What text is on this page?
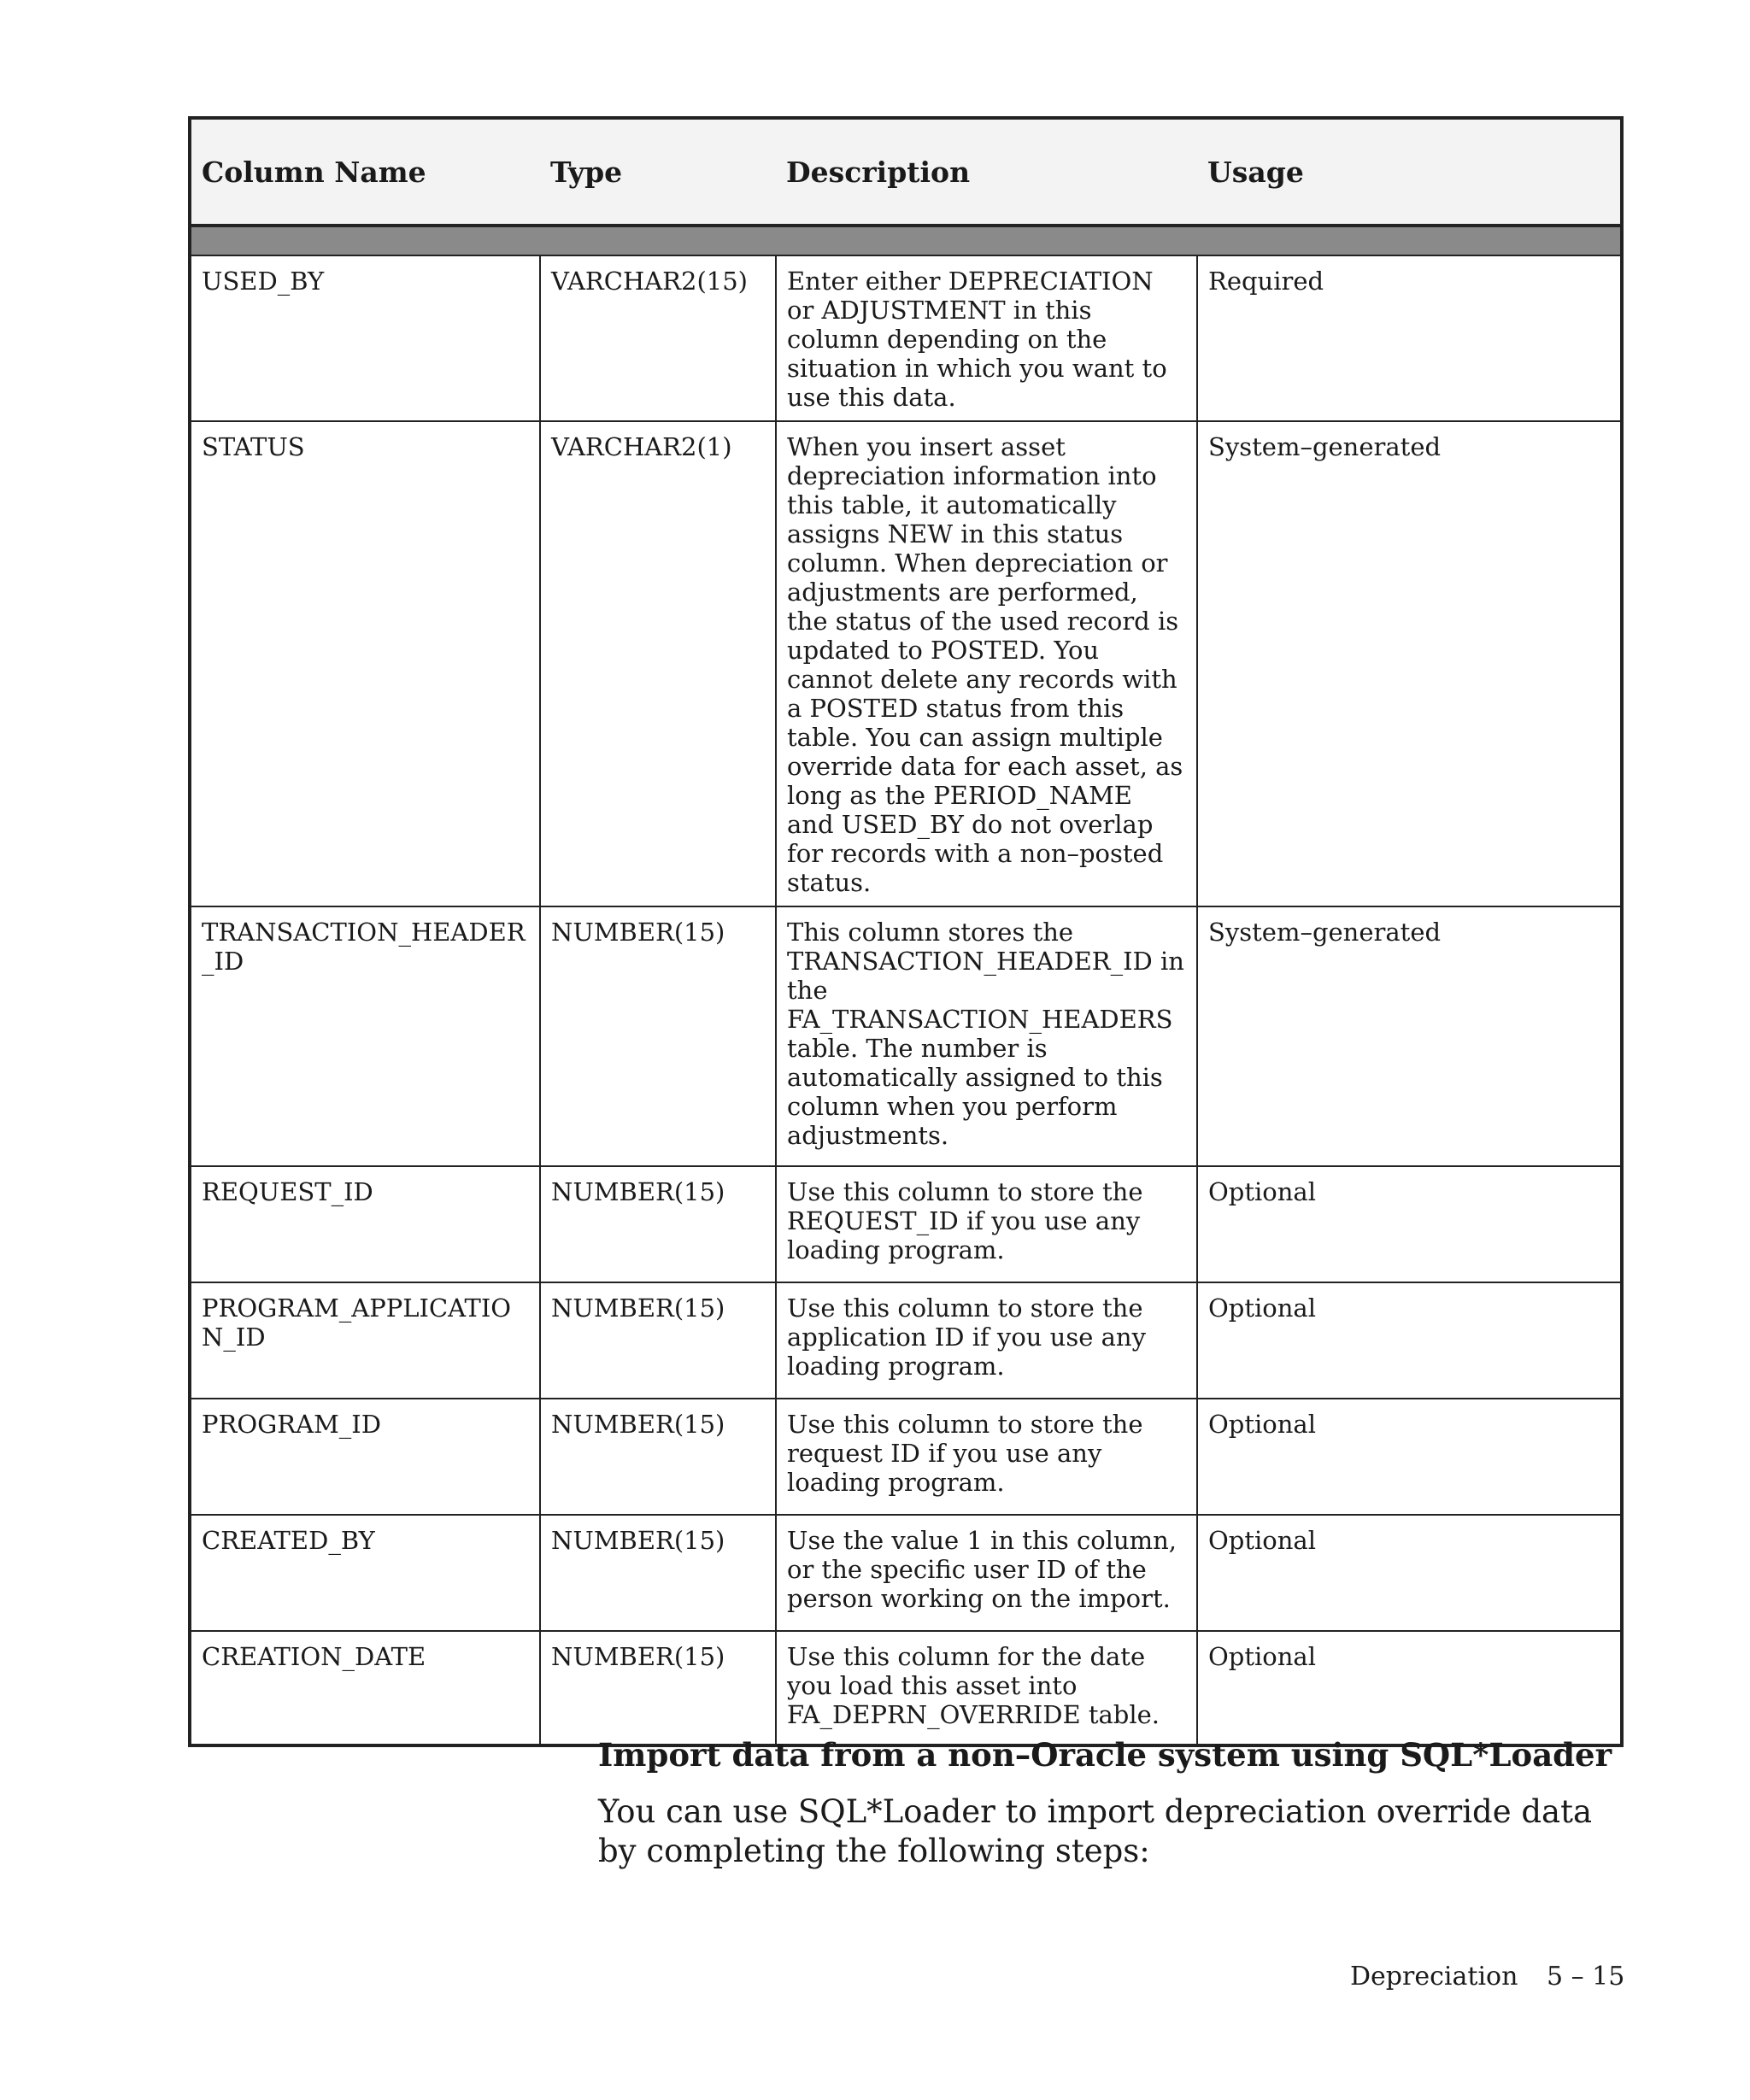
Column Name	Type	Description	Usage

USED_BY	VARCHAR2(15)	Enter either DEPRECIATION or ADJUSTMENT in this column depending on the situation in which you want to use this data.	Required
STATUS	VARCHAR2(1)	When you insert asset depreciation information into this table, it automatically assigns NEW in this status column. When depreciation or adjustments are performed, the status of the used record is updated to POSTED. You cannot delete any records with a POSTED status from this table. You can assign multiple override data for each asset, as long as the PERIOD_NAME and USED_BY do not overlap for records with a non–posted status.	System–generated
TRANSACTION_HEADER_ID	NUMBER(15)	This column stores the TRANSACTION_HEADER_ID in the FA_TRANSACTION_HEADERS table. The number is automatically assigned to this column when you perform adjustments.	System–generated
REQUEST_ID	NUMBER(15)	Use this column to store the REQUEST_ID if you use any loading program.	Optional
PROGRAM_APPLICATION_ID	NUMBER(15)	Use this column to store the application ID if you use any loading program.	Optional
PROGRAM_ID	NUMBER(15)	Use this column to store the request ID if you use any loading program.	Optional
CREATED_BY	NUMBER(15)	Use the value 1 in this column, or the specific user ID of the person working on the import.	Optional
CREATION_DATE	NUMBER(15)	Use this column for the date you load this asset into FA_DEPRN_OVERRIDE table.	Optional
Import data from a non–Oracle system using SQL*Loader

You can use SQL*Loader to import depreciation override data by completing the following steps:

Depreciation 5 – 15
